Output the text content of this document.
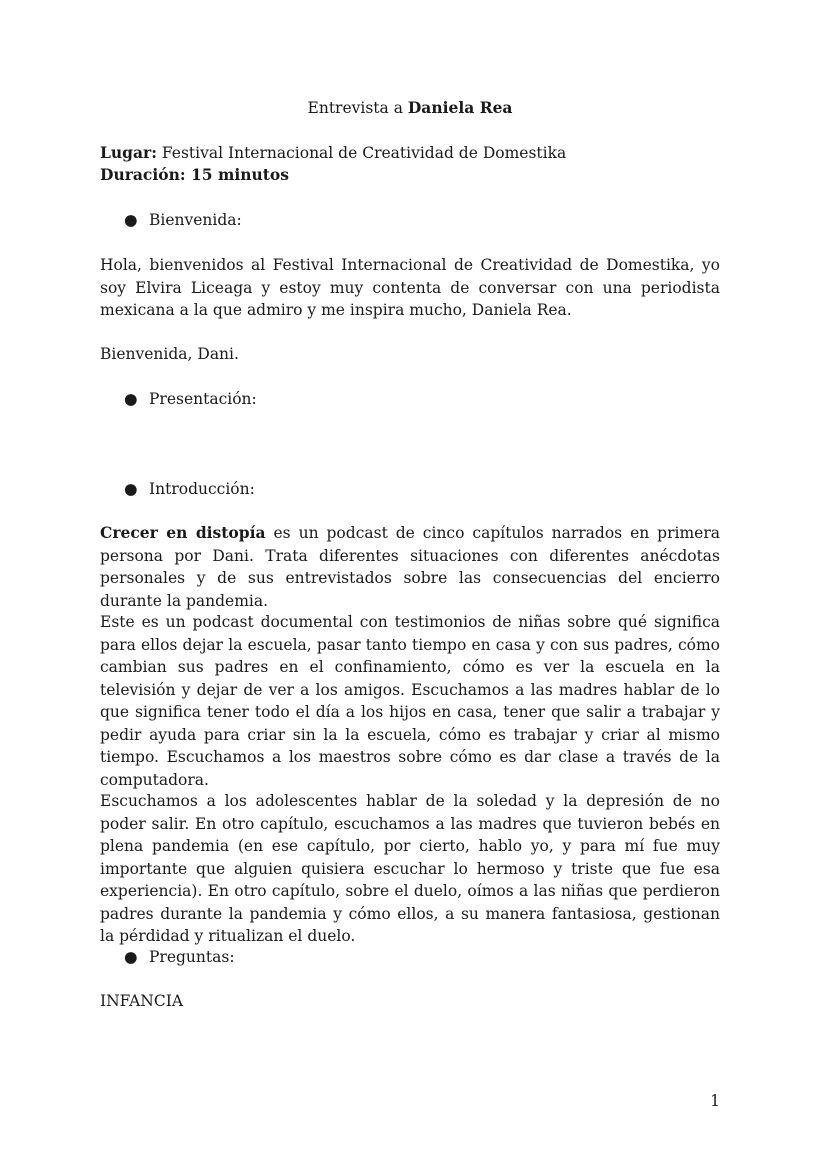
Entrevista a Daniela Rea
Lugar: Festival Internacional de Creatividad de Domestika
Duración: 15 minutos
● Bienvenida:
Hola, bienvenidos al Festival Internacional de Creatividad de Domestika, yo soy Elvira Liceaga y estoy muy contenta de conversar con una periodista mexicana a la que admiro y me inspira mucho, Daniela Rea.
Bienvenida, Dani.
● Presentación:
● Introducción:
Crecer en distopía es un podcast de cinco capítulos narrados en primera persona por Dani. Trata diferentes situaciones con diferentes anécdotas personales y de sus entrevistados sobre las consecuencias del encierro durante la pandemia.
Este es un podcast documental con testimonios de niñas sobre qué significa para ellos dejar la escuela, pasar tanto tiempo en casa y con sus padres, cómo cambian sus padres en el confinamiento, cómo es ver la escuela en la televisión y dejar de ver a los amigos. Escuchamos a las madres hablar de lo que significa tener todo el día a los hijos en casa, tener que salir a trabajar y pedir ayuda para criar sin la la escuela, cómo es trabajar y criar al mismo tiempo. Escuchamos a los maestros sobre cómo es dar clase a través de la computadora.
Escuchamos a los adolescentes hablar de la soledad y la depresión de no poder salir. En otro capítulo, escuchamos a las madres que tuvieron bebés en plena pandemia (en ese capítulo, por cierto, hablo yo, y para mí fue muy importante que alguien quisiera escuchar lo hermoso y triste que fue esa experiencia). En otro capítulo, sobre el duelo, oímos a las niñas que perdieron padres durante la pandemia y cómo ellos, a su manera fantasiosa, gestionan la pérdidad y ritualizan el duelo.
● Preguntas:
INFANCIA
1
